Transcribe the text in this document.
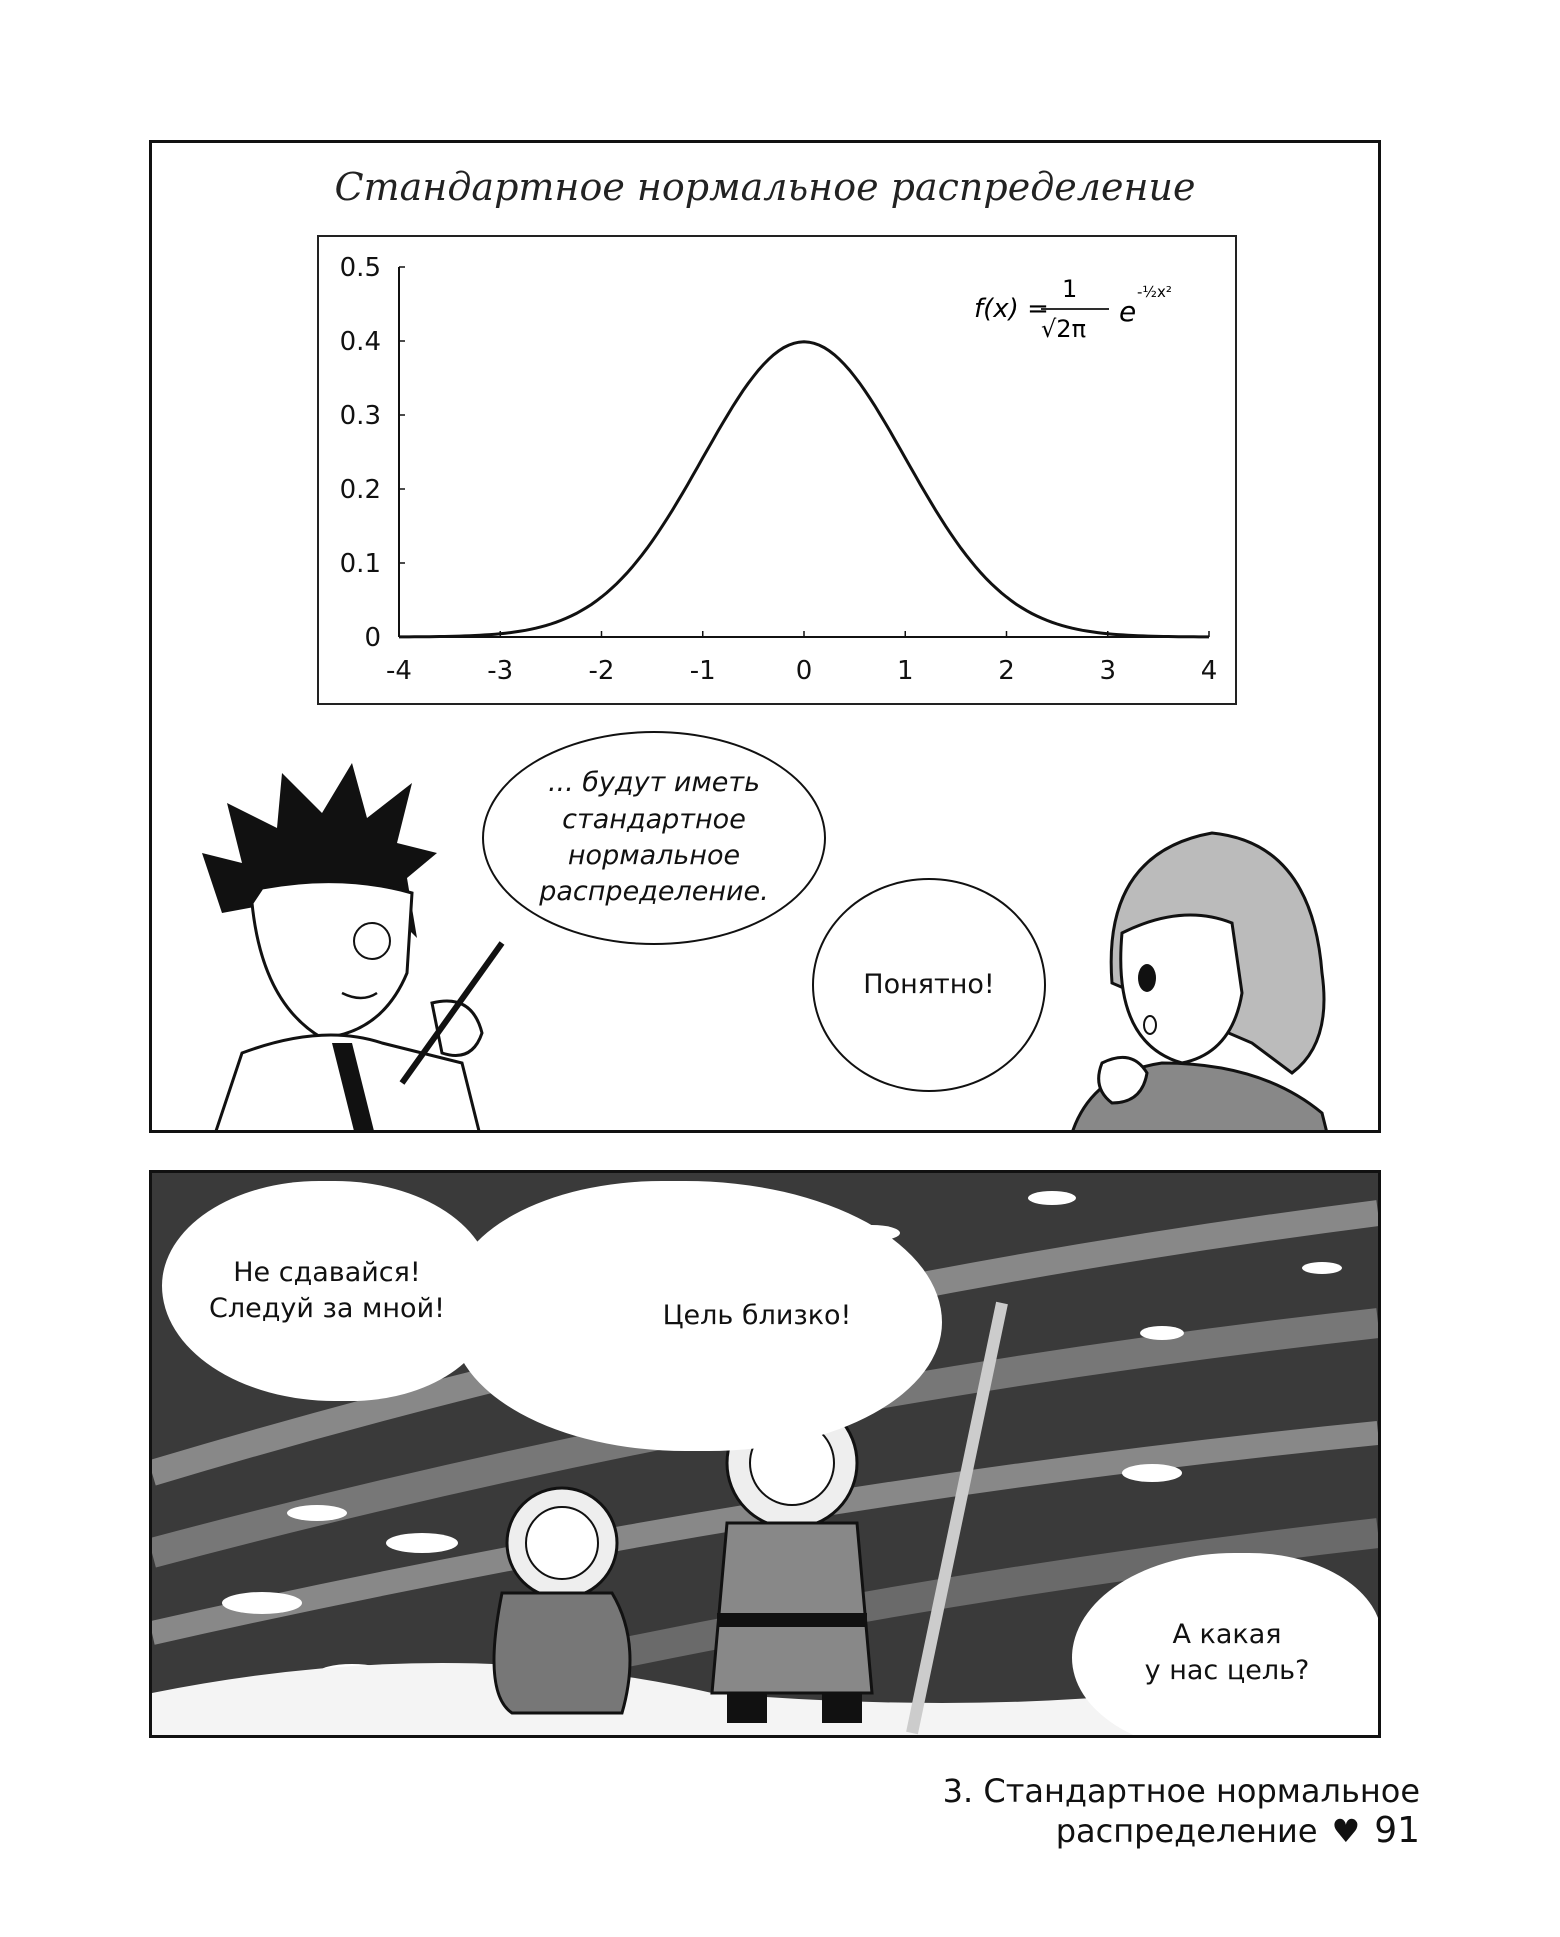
Стандартное нормальное распределение
-4	-3	-2	-1	0	1	2	3	4
0
0.1
0.2
0.3
0.4
0.5
f(x) =
1
√2π
e
-½x²
... будут иметь
стандартное
нормальное
распределение.
Понятно!
Не сдавайся!
Следуй за мной!	Цель близко!
А какая
у нас цель?
3. Стандартное нормальное распределение ♥ 91
